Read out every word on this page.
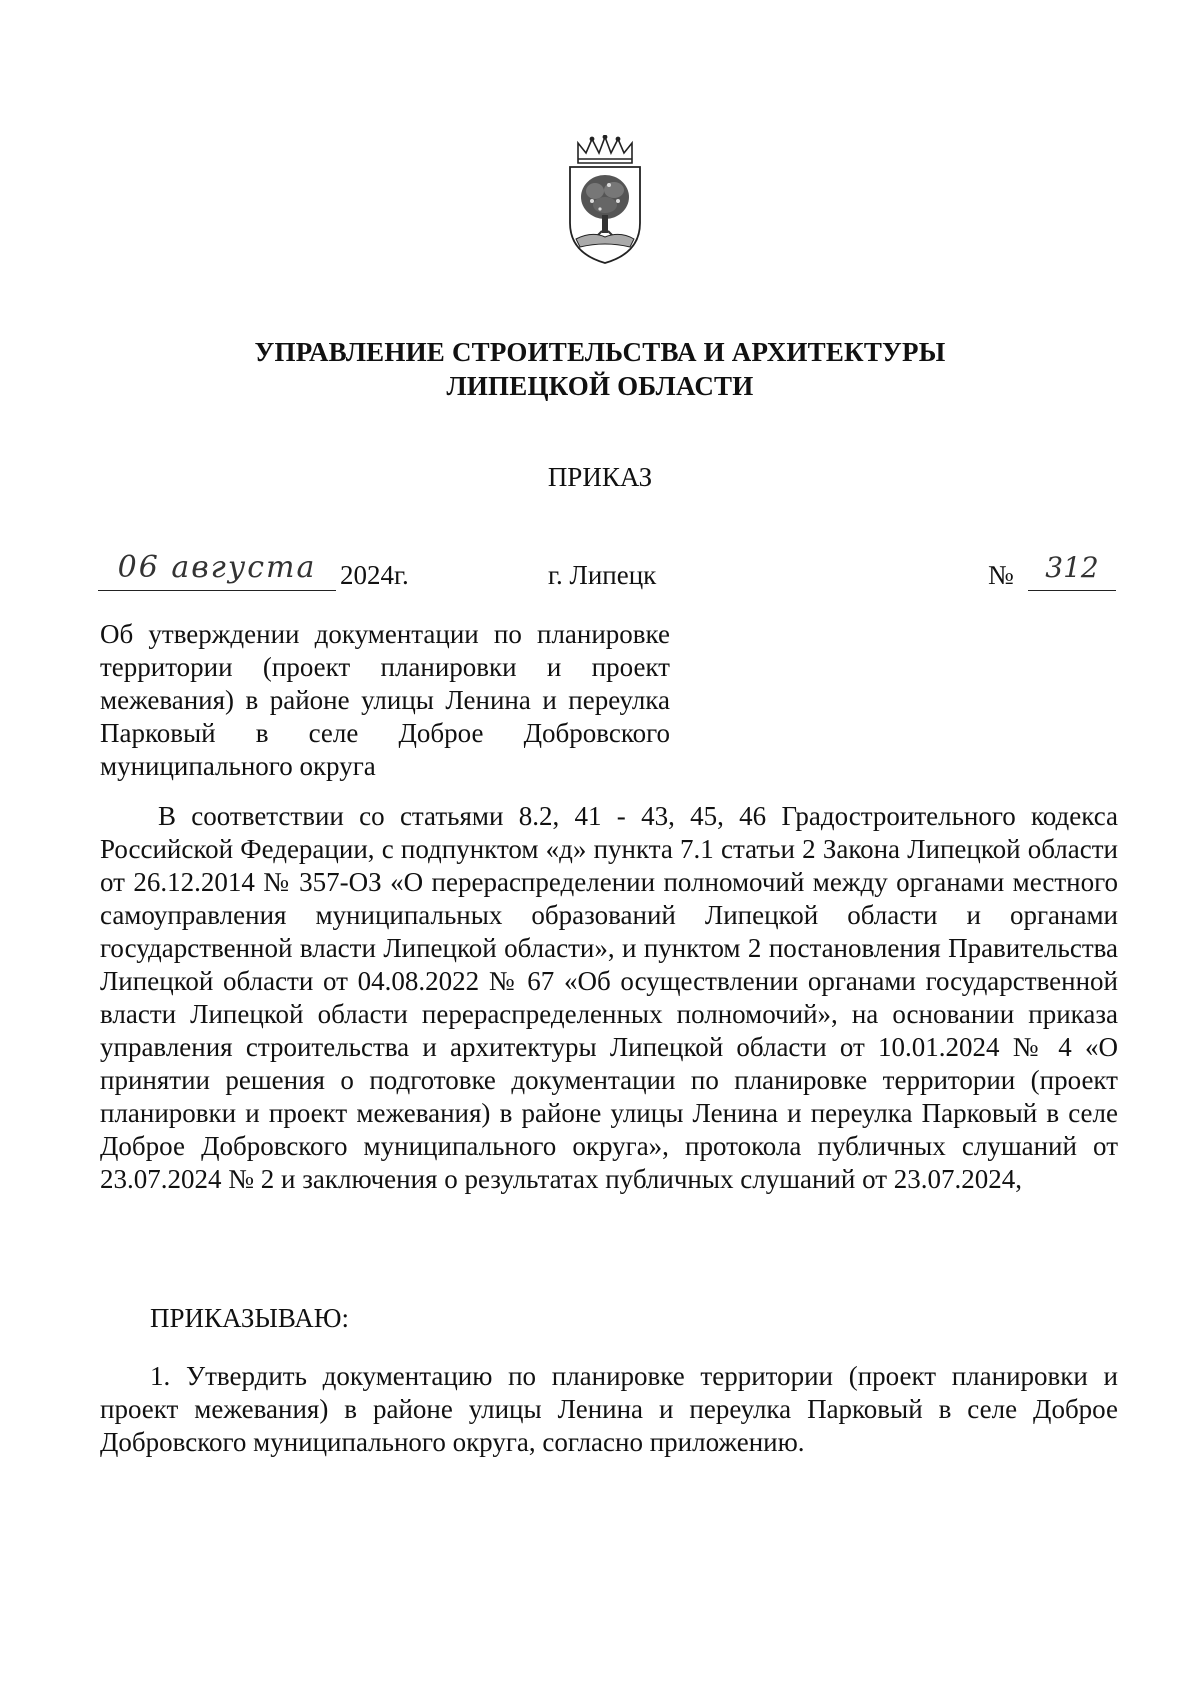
УПРАВЛЕНИЕ СТРОИТЕЛЬСТВА И АРХИТЕКТУРЫ
ЛИПЕЦКОЙ ОБЛАСТИ
ПРИКАЗ
06 августа 2024г.	г. Липецк	№	312
Об утверждении документации по планировке территории (проект планировки и проект межевания) в районе улицы Ленина и переулка Парковый в селе Доброе Добровского муниципального округа
В соответствии со статьями 8.2, 41 - 43, 45, 46 Градостроительного кодекса Российской Федерации, с подпунктом «д» пункта 7.1 статьи 2 Закона Липецкой области от 26.12.2014 № 357-ОЗ «О перераспределении полномочий между органами местного самоуправления муниципальных образований Липецкой области и органами государственной власти Липецкой области», и пунктом 2 постановления Правительства Липецкой области от 04.08.2022 № 67 «Об осуществлении органами государственной власти Липецкой области перераспределенных полномочий», на основании приказа управления строительства и архитектуры Липецкой области от 10.01.2024 № 4 «О принятии решения о подготовке документации по планировке территории (проект планировки и проект межевания) в районе улицы Ленина и переулка Парковый в селе Доброе Добровского муниципального округа», протокола публичных слушаний от 23.07.2024 № 2 и заключения о результатах публичных слушаний от 23.07.2024,
ПРИКАЗЫВАЮ:
1. Утвердить документацию по планировке территории (проект планировки и проект межевания) в районе улицы Ленина и переулка Парковый в селе Доброе Добровского муниципального округа, согласно приложению.
